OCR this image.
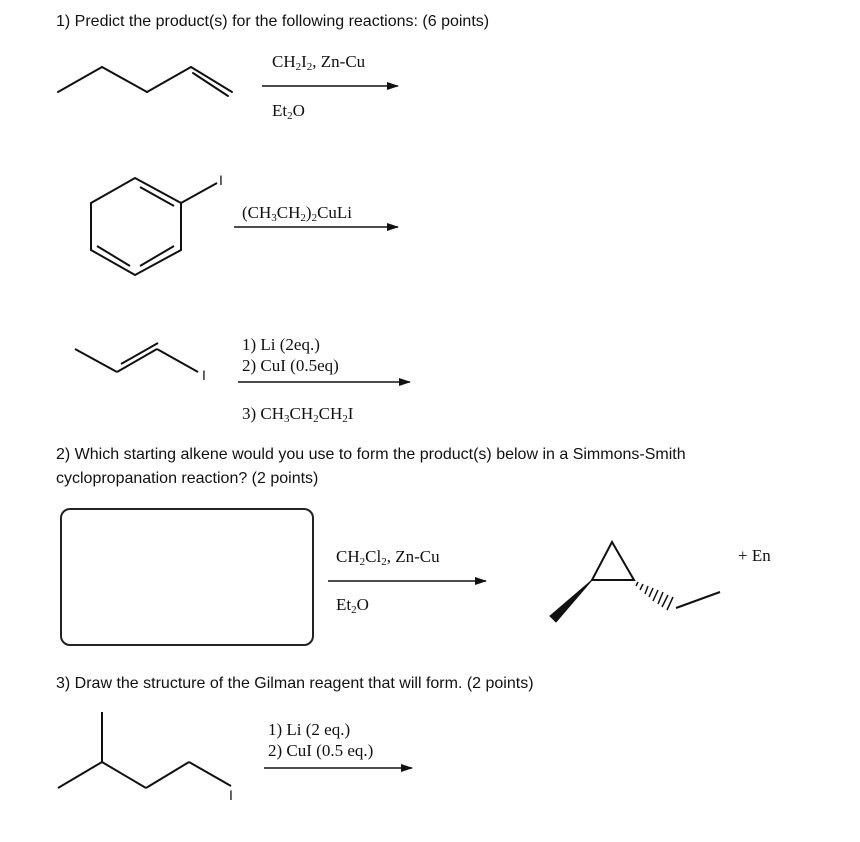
1) Predict the product(s) for the following reactions: (6 points)
$CH_2I_2$, Zn-Cu
$Et_2O$
$(CH_3CH_2)_2CuLi$
1) Li (2eq.)
2) CuI (0.5eq)
3) $CH_3CH_2CH_2I$
2) Which starting alkene would you use to form the product(s) below in a Simmons-Smith
cyclopropanation reaction? (2 points)
$CH_2Cl_2$, Zn-Cu
$Et_2O$
+ En
3) Draw the structure of the Gilman reagent that will form. (2 points)
1) Li (2 eq.)
2) CuI (0.5 eq.)
I
I
I
